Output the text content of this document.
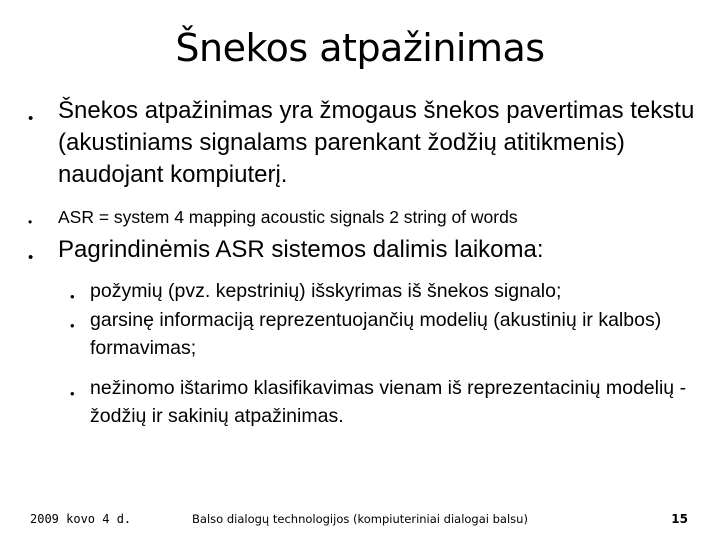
Šnekos atpažinimas
• Šnekos atpažinimas yra žmogaus šnekos pavertimas tekstu (akustiniams signalams parenkant žodžių atitikmenis) naudojant kompiuterį.
• ASR = system 4 mapping acoustic signals 2 string of words
• Pagrindinėmis ASR sistemos dalimis laikoma:
• požymių (pvz. kepstrinių) išskyrimas iš šnekos signalo;
• garsinę informaciją reprezentuojančių modelių (akustinių ir kalbos) formavimas;
• nežinomo ištarimo klasifikavimas vienam iš reprezentacinių modelių - žodžių ir sakinių atpažinimas.
2009 kovo 4 d.	Balso dialogų technologijos (kompiuteriniai dialogai balsu)	15
